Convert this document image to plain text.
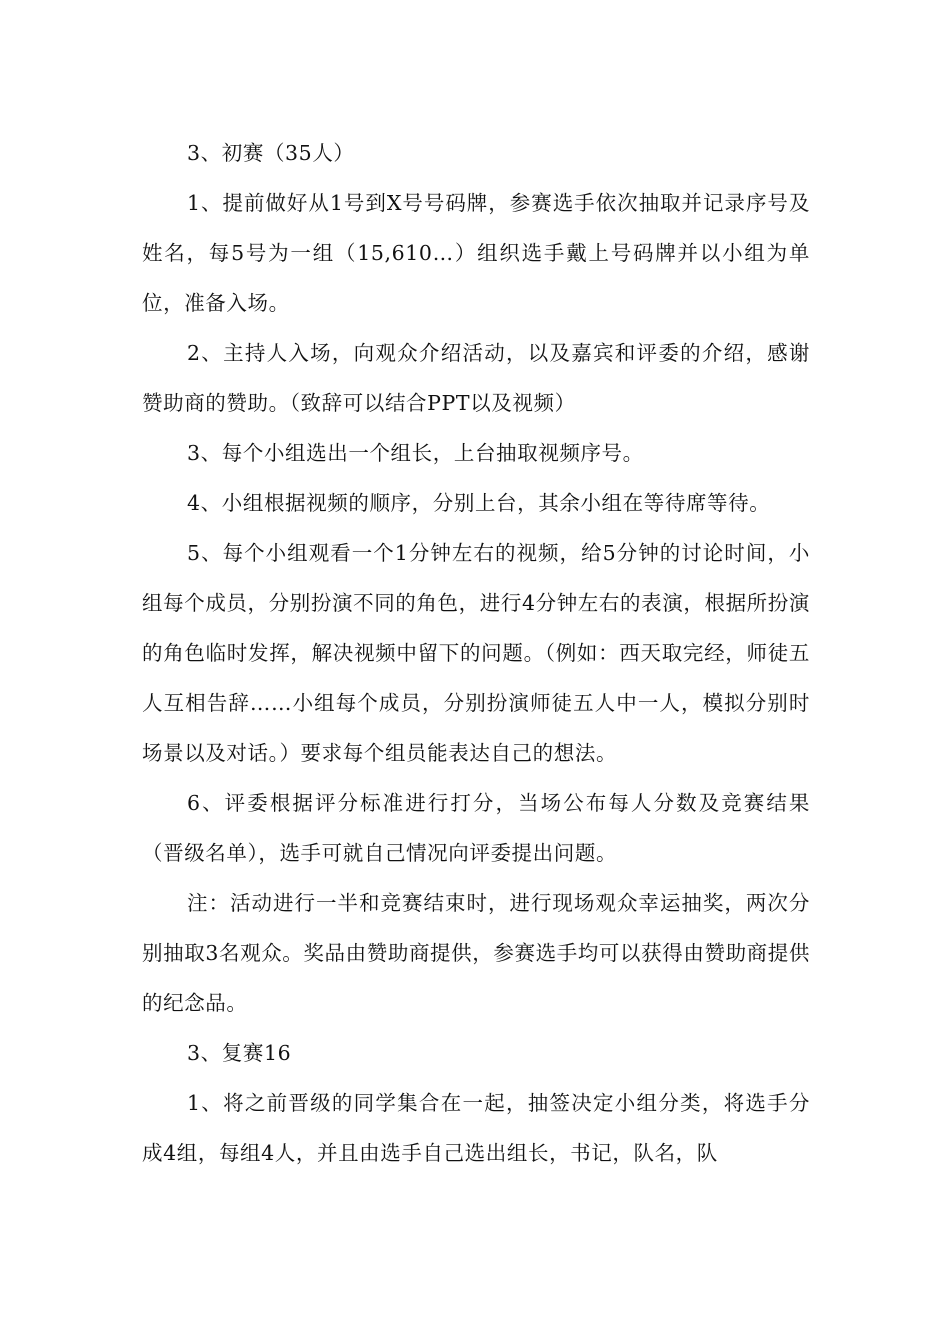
3、初赛（35人）

1、提前做好从1号到X号号码牌，参赛选手依次抽取并记录序号及姓名，每5号为一组（15,610…）组织选手戴上号码牌并以小组为单位，准备入场。

2、主持人入场，向观众介绍活动，以及嘉宾和评委的介绍，感谢赞助商的赞助。（致辞可以结合PPT以及视频）

3、每个小组选出一个组长，上台抽取视频序号。

4、小组根据视频的顺序，分别上台，其余小组在等待席等待。

5、每个小组观看一个1分钟左右的视频，给5分钟的讨论时间，小组每个成员，分别扮演不同的角色，进行4分钟左右的表演，根据所扮演的角色临时发挥，解决视频中留下的问题。（例如：西天取完经，师徒五人互相告辞……小组每个成员，分别扮演师徒五人中一人，模拟分别时场景以及对话。）要求每个组员能表达自己的想法。

6、评委根据评分标准进行打分，当场公布每人分数及竞赛结果（晋级名单），选手可就自己情况向评委提出问题。

注：活动进行一半和竞赛结束时，进行现场观众幸运抽奖，两次分别抽取3名观众。奖品由赞助商提供，参赛选手均可以获得由赞助商提供的纪念品。

3、复赛16

1、将之前晋级的同学集合在一起，抽签决定小组分类，将选手分成4组，每组4人，并且由选手自己选出组长，书记，队名，队
